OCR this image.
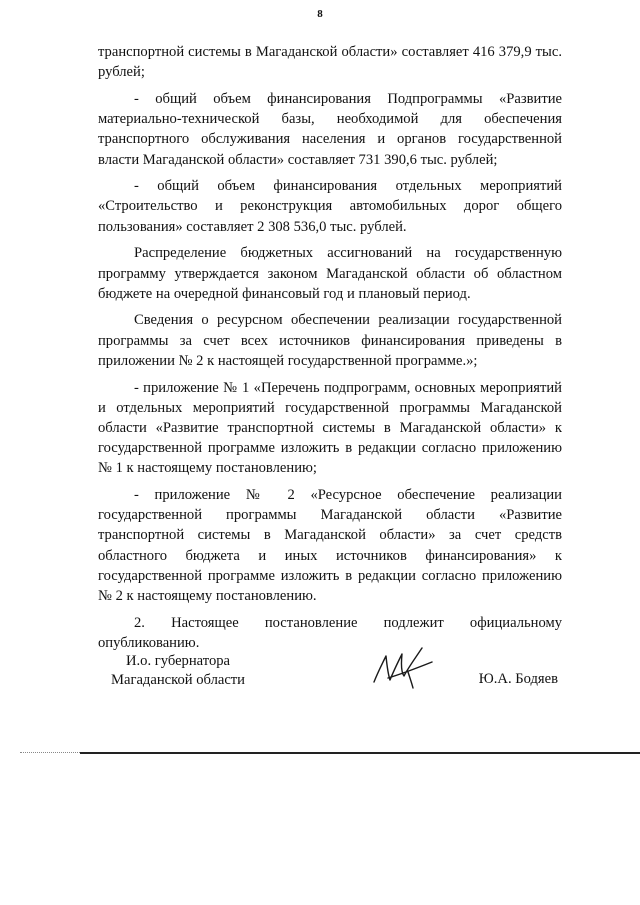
8

транспортной системы в Магаданской области» составляет 416 379,9 тыс. рублей;

- общий объем финансирования Подпрограммы «Развитие материально-технической базы, необходимой для обеспечения транспортного обслуживания населения и органов государственной власти Магаданской области» составляет 731 390,6 тыс. рублей;

- общий объем финансирования отдельных мероприятий «Строительство и реконструкция автомобильных дорог общего пользования» составляет 2 308 536,0 тыс. рублей.

Распределение бюджетных ассигнований на государственную программу утверждается законом Магаданской области об областном бюджете на очередной финансовый год и плановый период.

Сведения о ресурсном обеспечении реализации государственной программы за счет всех источников финансирования приведены в приложении № 2 к настоящей государственной программе.»;

- приложение № 1 «Перечень подпрограмм, основных мероприятий и отдельных мероприятий государственной программы Магаданской области «Развитие транспортной системы в Магаданской области» к государственной программе изложить в редакции согласно приложению № 1 к настоящему постановлению;

- приложение № 2 «Ресурсное обеспечение реализации государственной программы Магаданской области «Развитие транспортной системы в Магаданской области» за счет средств областного бюджета и иных источников финансирования» к государственной программе изложить в редакции согласно приложению № 2 к настоящему постановлению.

2. Настоящее постановление подлежит официальному опубликованию.

И.о. губернатора
Магаданской области	Ю.А. Бодяев
